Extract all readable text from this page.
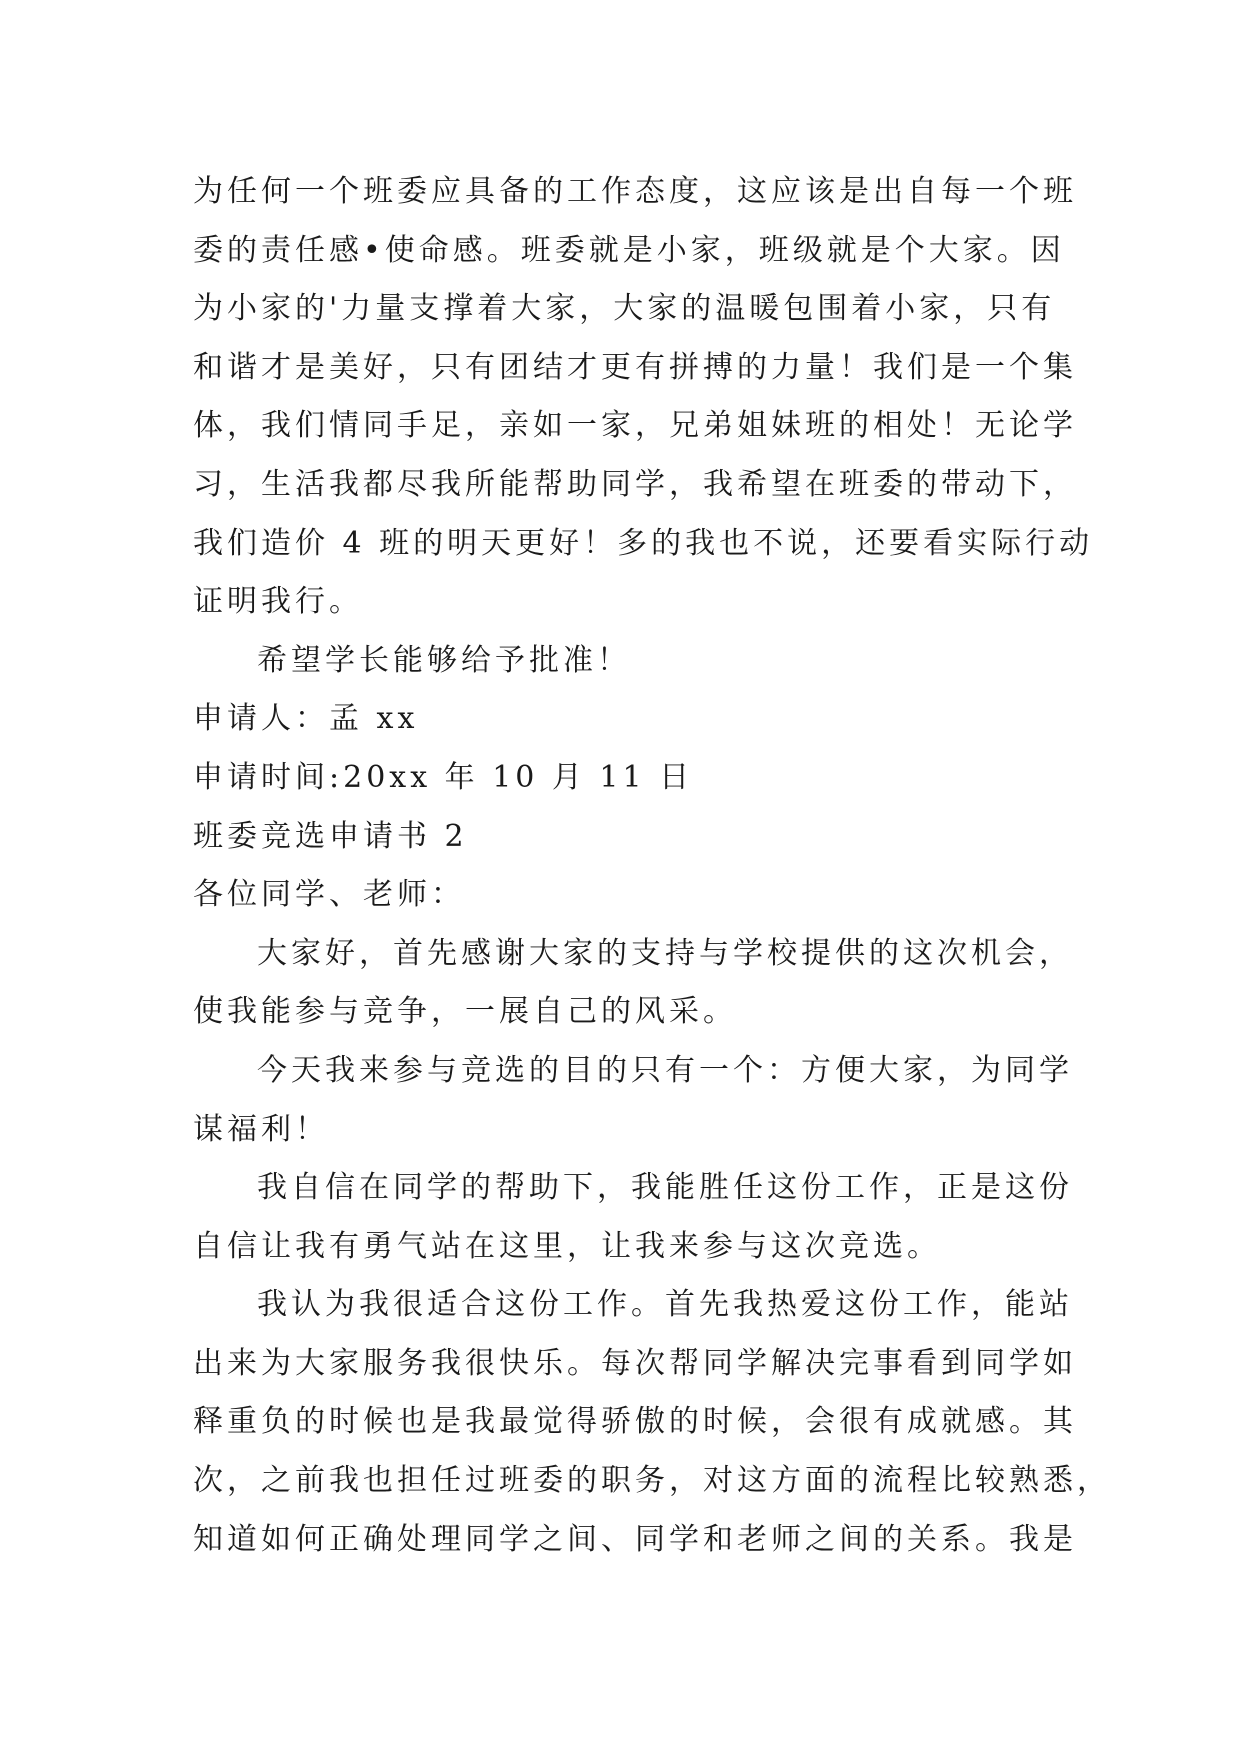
为任何一个班委应具备的工作态度，这应该是出自每一个班
委的责任感•使命感。班委就是小家，班级就是个大家。因
为小家的'力量支撑着大家，大家的温暖包围着小家，只有
和谐才是美好，只有团结才更有拼搏的力量！我们是一个集
体，我们情同手足，亲如一家，兄弟姐妹班的相处！无论学
习，生活我都尽我所能帮助同学，我希望在班委的带动下，
我们造价 4 班的明天更好！多的我也不说，还要看实际行动
证明我行。
希望学长能够给予批准！
申请人：孟 xx
申请时间:20xx 年 10 月 11 日
班委竞选申请书 2
各位同学、老师：
大家好，首先感谢大家的支持与学校提供的这次机会，
使我能参与竞争，一展自己的风采。
今天我来参与竞选的目的只有一个：方便大家，为同学
谋福利！
我自信在同学的帮助下，我能胜任这份工作，正是这份
自信让我有勇气站在这里，让我来参与这次竞选。
我认为我很适合这份工作。首先我热爱这份工作，能站
出来为大家服务我很快乐。每次帮同学解决完事看到同学如
释重负的时候也是我最觉得骄傲的时候，会很有成就感。其
次，之前我也担任过班委的职务，对这方面的流程比较熟悉，
知道如何正确处理同学之间、同学和老师之间的关系。我是
